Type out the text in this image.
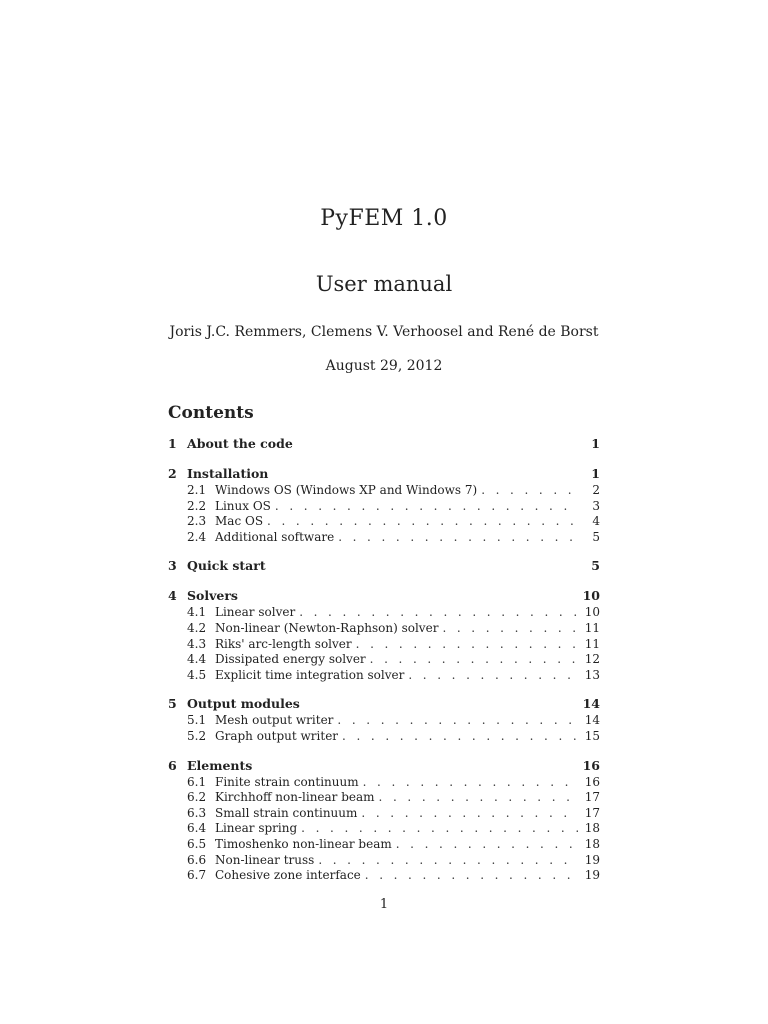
PyFEM 1.0
User manual
Joris J.C. Remmers, Clemens V. Verhoosel and René de Borst
August 29, 2012
Contents
1 About the code	1
2 Installation	1
2.1 Windows OS (Windows XP and Windows 7) . . .	2
2.2 Linux OS . . .	3
2.3 Mac OS . . .	4
2.4 Additional software . . .	5
3 Quick start	5
4 Solvers	10
4.1 Linear solver . . .	10
4.2 Non-linear (Newton-Raphson) solver . . .	11
4.3 Riks' arc-length solver . . .	11
4.4 Dissipated energy solver . . .	12
4.5 Explicit time integration solver . . .	13
5 Output modules	14
5.1 Mesh output writer . . .	14
5.2 Graph output writer . . .	15
6 Elements	16
6.1 Finite strain continuum . . .	16
6.2 Kirchhoff non-linear beam . . .	17
6.3 Small strain continuum . . .	17
6.4 Linear spring . . .	18
6.5 Timoshenko non-linear beam . . .	18
6.6 Non-linear truss . . .	19
6.7 Cohesive zone interface . . .	19
1
